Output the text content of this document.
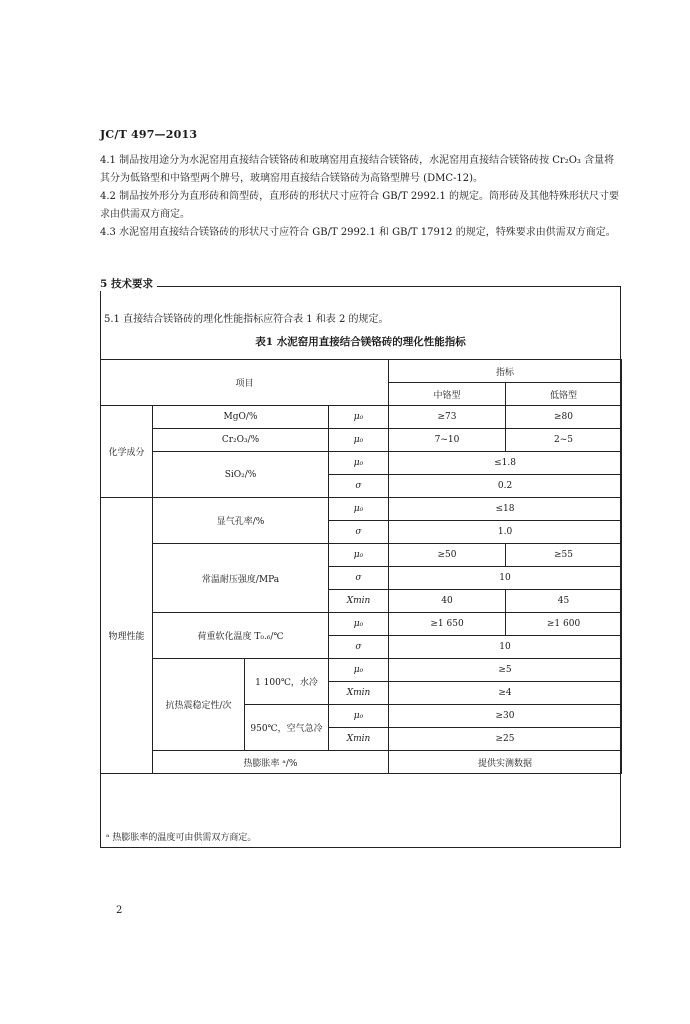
JC/T 497—2013

4.1 制品按用途分为水泥窑用直接结合镁铬砖和玻璃窑用直接结合镁铬砖，水泥窑用直接结合镁铬砖按 Cr₂O₃ 含量将其分为低铬型和中铬型两个牌号，玻璃窑用直接结合镁铬砖为高铬型牌号 (DMC-12)。

4.2 制品按外形分为直形砖和筒型砖，直形砖的形状尺寸应符合 GB/T 2992.1 的规定。筒形砖及其他特殊形状尺寸要求由供需双方商定。

4.3 水泥窑用直接结合镁铬砖的形状尺寸应符合 GB/T 2992.1 和 GB/T 17912 的规定，特殊要求由供需双方商定。

5 技术要求
5.1 直接结合镁铬砖的理化性能指标应符合表 1 和表 2 的规定。
表1 水泥窑用直接结合镁铬砖的理化性能指标
项目				指标	
				中铬型	低铬型
化学成分	MgO/%		μ₀	≥73	≥80
	Cr₂O₃/%		μ₀	7~10	2~5
	SiO₂/%		μ₀	≤1.8	
			σ	0.2	
物理性能	显气孔率/%		μ₀	≤18	
			σ	1.0	
	常温耐压强度/MPa		μ₀	≥50	≥55
			σ	10	
			Xmin	40	45
	荷重软化温度 T₀.₆/℃		μ₀	≥1 650	≥1 600
			σ	10	
	抗热震稳定性/次	1 100℃，水冷	μ₀	≥5	
			Xmin	≥4	
		950℃，空气急冷	μ₀	≥30	
			Xmin	≥25	
	热膨胀率 ᵃ/%			提供实测数据	
ᵃ 热膨胀率的温度可由供需双方商定。
2
